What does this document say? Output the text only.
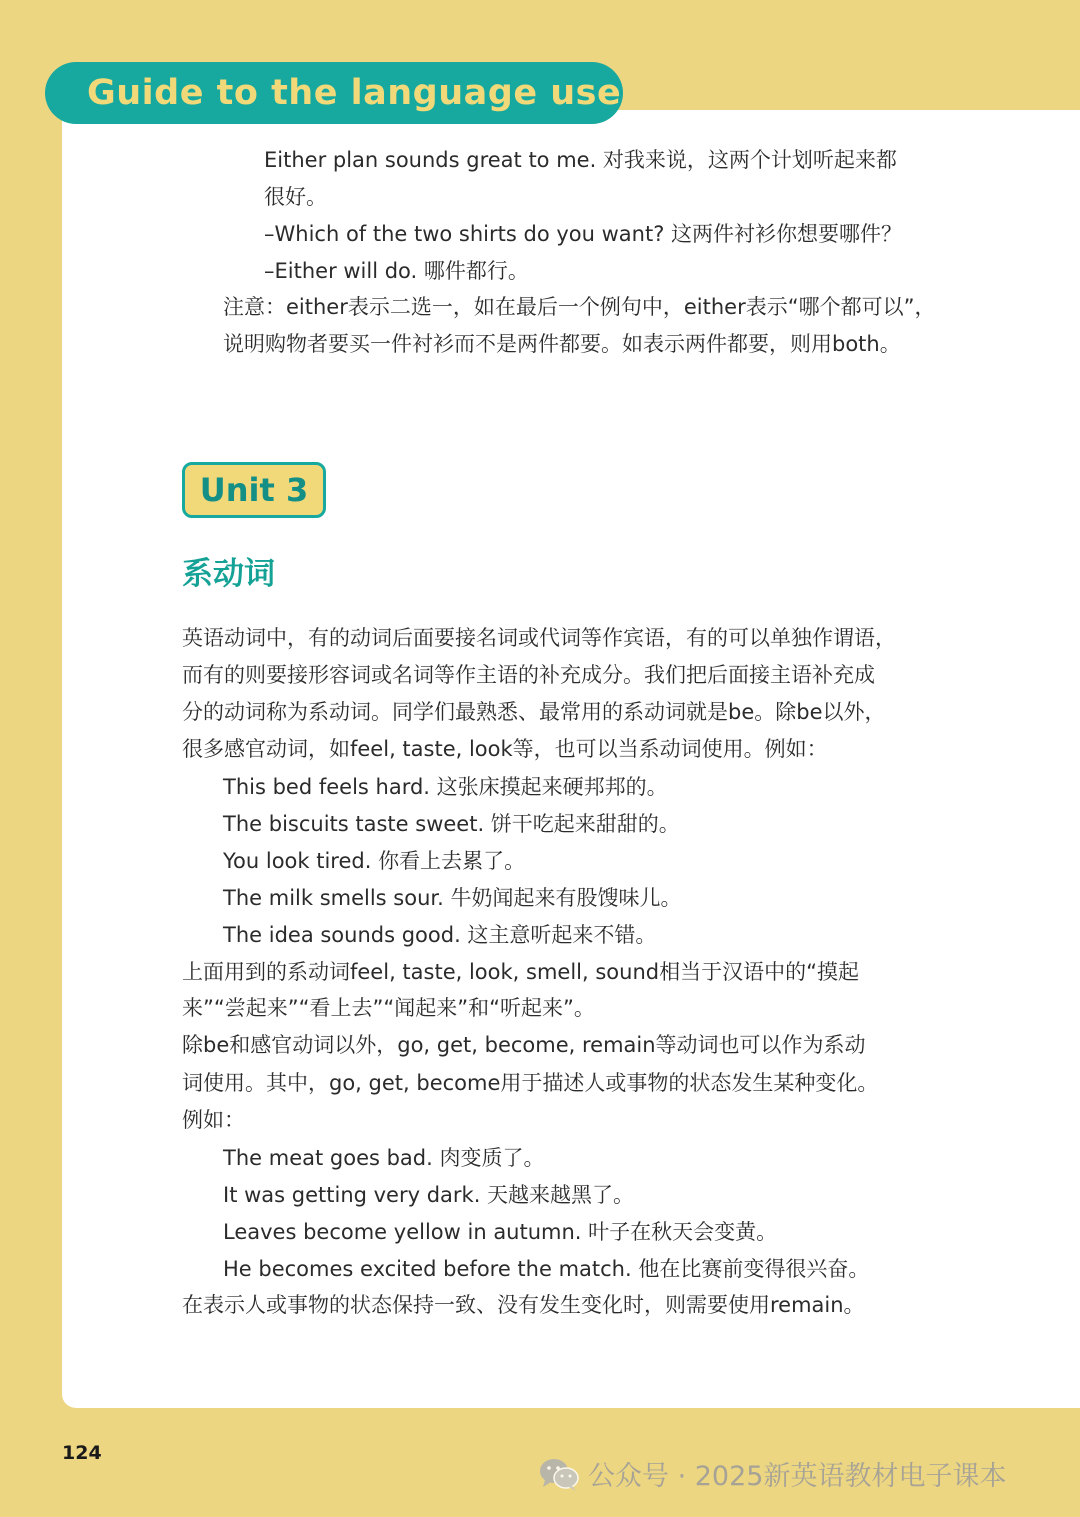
Guide to the language use
Either plan sounds great to me. 对我来说，这两个计划听起来都
很好。
–Which of the two shirts do you want? 这两件衬衫你想要哪件？
–Either will do. 哪件都行。
注意：either表示二选一，如在最后一个例句中，either表示“哪个都可以”，
说明购物者要买一件衬衫而不是两件都要。如表示两件都要，则用both。
Unit 3
系动词
英语动词中，有的动词后面要接名词或代词等作宾语，有的可以单独作谓语，
而有的则要接形容词或名词等作主语的补充成分。我们把后面接主语补充成
分的动词称为系动词。同学们最熟悉、最常用的系动词就是be。除be以外，
很多感官动词，如feel, taste, look等，也可以当系动词使用。例如：
This bed feels hard. 这张床摸起来硬邦邦的。
The biscuits taste sweet. 饼干吃起来甜甜的。
You look tired. 你看上去累了。
The milk smells sour. 牛奶闻起来有股馊味儿。
The idea sounds good. 这主意听起来不错。
上面用到的系动词feel, taste, look, smell, sound相当于汉语中的“摸起
来”“尝起来”“看上去”“闻起来”和“听起来”。
除be和感官动词以外，go, get, become, remain等动词也可以作为系动
词使用。其中，go, get, become用于描述人或事物的状态发生某种变化。
例如：
The meat goes bad. 肉变质了。
It was getting very dark. 天越来越黑了。
Leaves become yellow in autumn. 叶子在秋天会变黄。
He becomes excited before the match. 他在比赛前变得很兴奋。
在表示人或事物的状态保持一致、没有发生变化时，则需要使用remain。
124
公众号 · 2025新英语教材电子课本
